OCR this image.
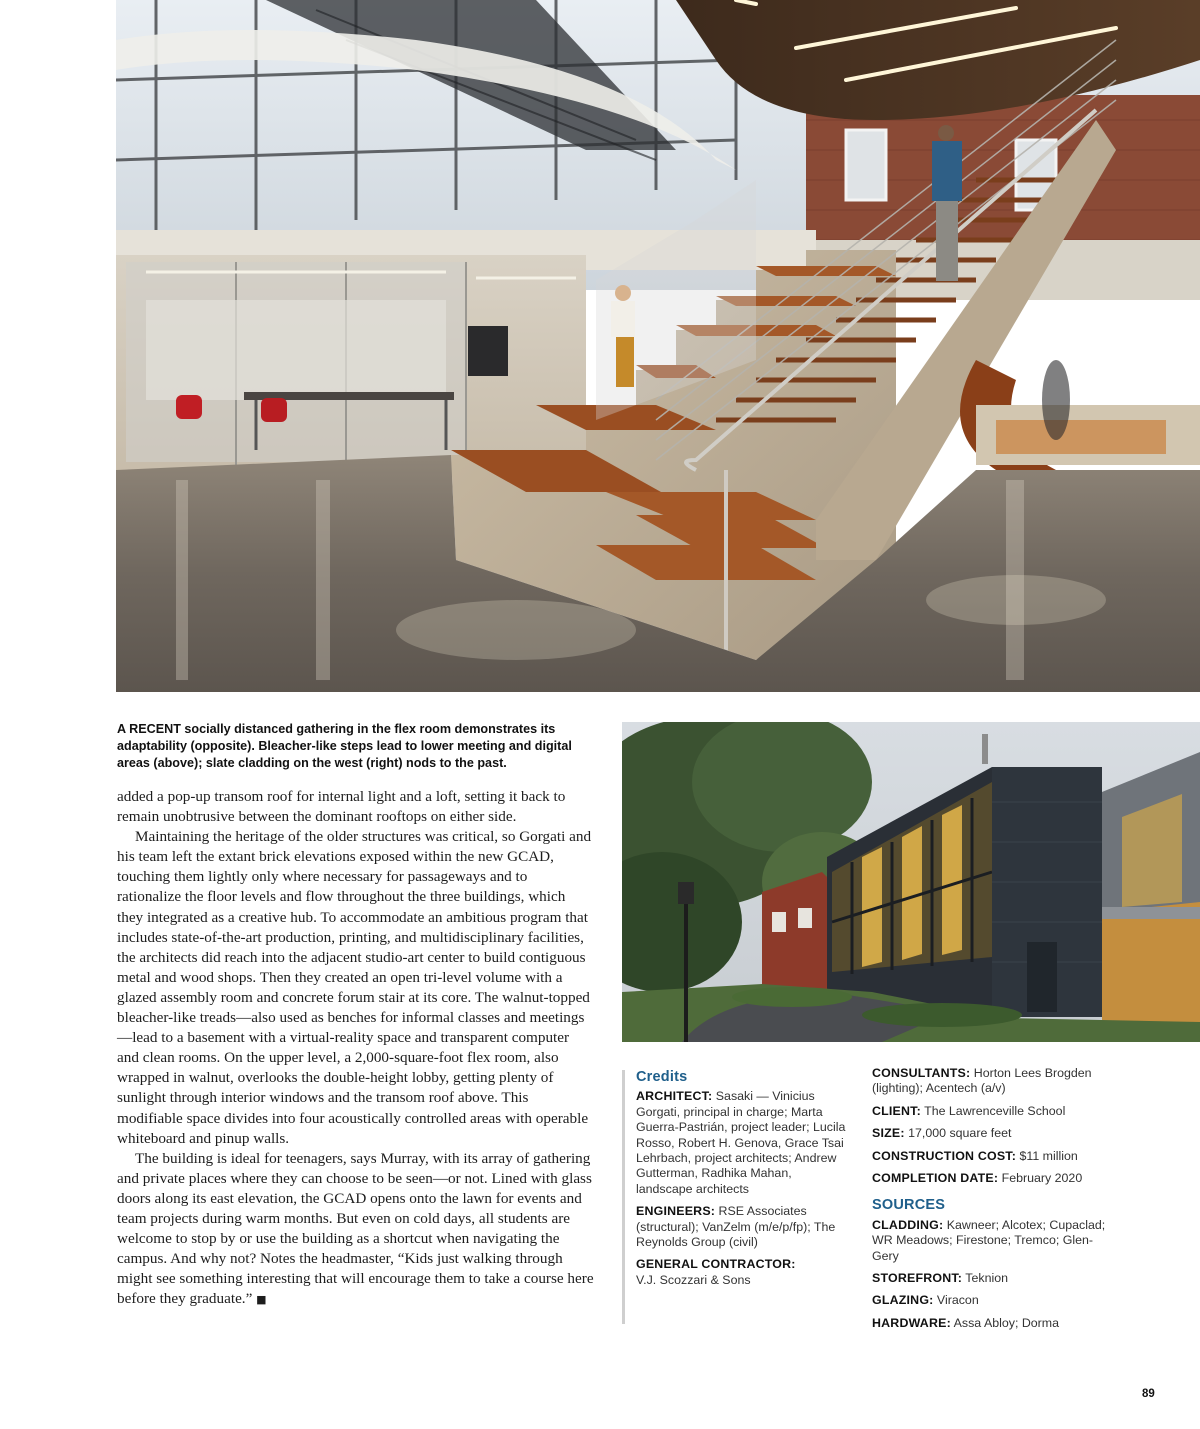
A RECENT socially distanced gathering in the flex room demonstrates its adaptability (opposite). Bleacher-like steps lead to lower meeting and digital areas (above); slate cladding on the west (right) nods to the past.

added a pop-up transom roof for internal light and a loft, setting it back to remain unobtrusive between the dominant rooftops on either side.

Maintaining the heritage of the older structures was critical, so Gorgati and his team left the extant brick elevations exposed within the new GCAD, touching them lightly only where necessary for passageways and to rationalize the floor levels and flow throughout the three buildings, which they integrated as a creative hub. To accommodate an ambitious program that includes state-of-the-art production, printing, and multidisciplinary facilities, the architects did reach into the adjacent studio-art center to build contiguous metal and wood shops. Then they created an open tri-level volume with a glazed assembly room and concrete forum stair at its core. The walnut-topped bleacher-like treads—also used as benches for informal classes and meetings—lead to a basement with a virtual-reality space and transparent computer and clean rooms. On the upper level, a 2,000-square-foot flex room, also wrapped in walnut, overlooks the double-height lobby, getting plenty of sunlight through interior windows and the transom roof above. This modifiable space divides into four acoustically controlled areas with operable whiteboard and pinup walls.

The building is ideal for teenagers, says Murray, with its array of gathering and private places where they can choose to be seen—or not. Lined with glass doors along its east elevation, the GCAD opens onto the lawn for events and team projects during warm months. But even on cold days, all students are welcome to stop by or use the building as a shortcut when navigating the campus. And why not? Notes the headmaster, “Kids just walking through might see something interesting that will encourage them to take a course here before they graduate.” ■

Credits
ARCHITECT: Sasaki — Vinicius Gorgati, principal in charge; Marta Guerra-Pastrián, project leader; Lucila Rosso, Robert H. Genova, Grace Tsai Lehrbach, project architects; Andrew Gutterman, Radhika Mahan, landscape architects
ENGINEERS: RSE Associates (structural); VanZelm (m/e/p/fp); The Reynolds Group (civil)
GENERAL CONTRACTOR:
V.J. Scozzari & Sons
CONSULTANTS: Horton Lees Brogden (lighting); Acentech (a/v)
CLIENT: The Lawrenceville School
SIZE: 17,000 square feet
CONSTRUCTION COST: $11 million
COMPLETION DATE: February 2020
SOURCES
CLADDING: Kawneer; Alcotex; Cupaclad; WR Meadows; Firestone; Tremco; Glen-Gery
STOREFRONT: Teknion
GLAZING: Viracon
HARDWARE: Assa Abloy; Dorma
89
